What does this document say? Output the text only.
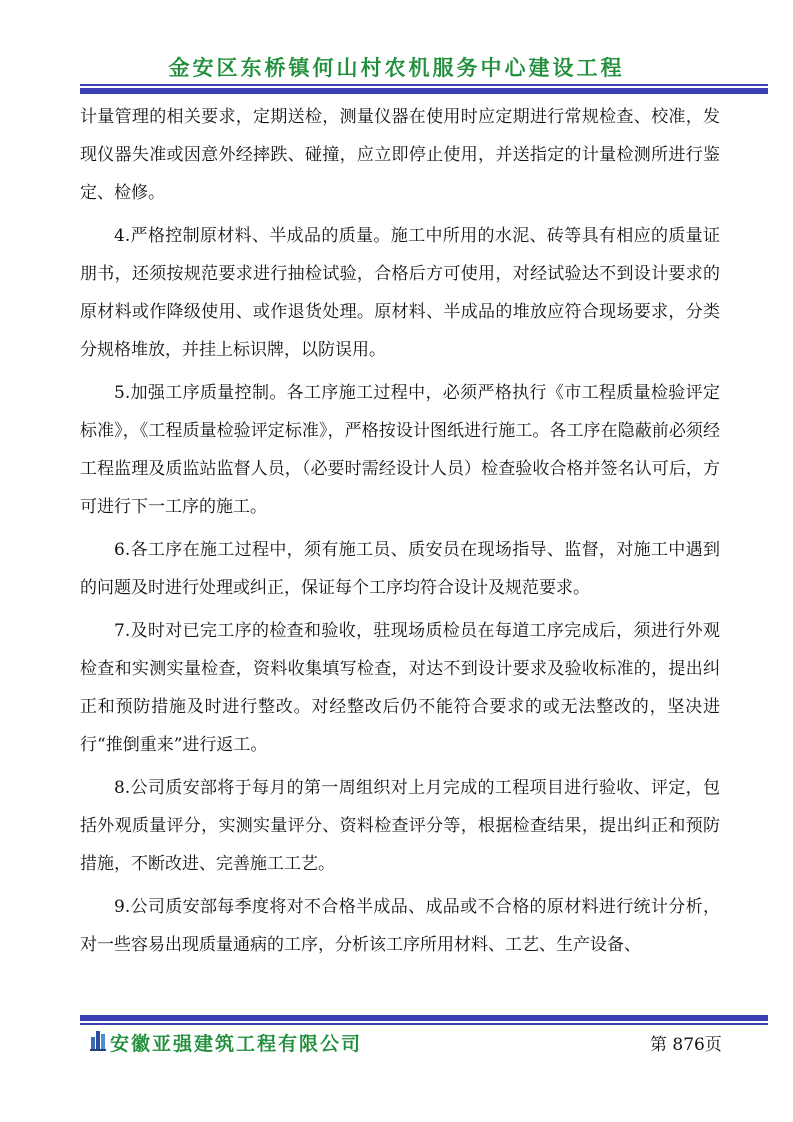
金安区东桥镇何山村农机服务中心建设工程

计量管理的相关要求，定期送检，测量仪器在使用时应定期进行常规检查、校准，发现仪器失准或因意外经摔跌、碰撞，应立即停止使用，并送指定的计量检测所进行鉴定、检修。

4.严格控制原材料、半成品的质量。施工中所用的水泥、砖等具有相应的质量证朋书，还须按规范要求进行抽检试验，合格后方可使用，对经试验达不到设计要求的原材料或作降级使用、或作退货处理。原材料、半成品的堆放应符合现场要求，分类分规格堆放，并挂上标识牌，以防误用。

5.加强工序质量控制。各工序施工过程中，必须严格执行《市工程质量检验评定标准》，《工程质量检验评定标准》，严格按设计图纸进行施工。各工序在隐蔽前必须经工程监理及质监站监督人员，（必要时需经设计人员）检查验收合格并签名认可后，方可进行下一工序的施工。

6.各工序在施工过程中，须有施工员、质安员在现场指导、监督，对施工中遇到的问题及时进行处理或纠正，保证每个工序均符合设计及规范要求。

7.及时对已完工序的检查和验收，驻现场质检员在每道工序完成后，须进行外观检查和实测实量检查，资料收集填写检查，对达不到设计要求及验收标准的，提出纠正和预防措施及时进行整改。对经整改后仍不能符合要求的或无法整改的，坚决进行“推倒重来”进行返工。

8.公司质安部将于每月的第一周组织对上月完成的工程项目进行验收、评定，包括外观质量评分，实测实量评分、资料检查评分等，根据检查结果，提出纠正和预防措施，不断改进、完善施工工艺。

9.公司质安部每季度将对不合格半成品、成品或不合格的原材料进行统计分析，对一些容易出现质量通病的工序，分析该工序所用材料、工艺、生产设备、

安徽亚强建筑工程有限公司	第 876页
